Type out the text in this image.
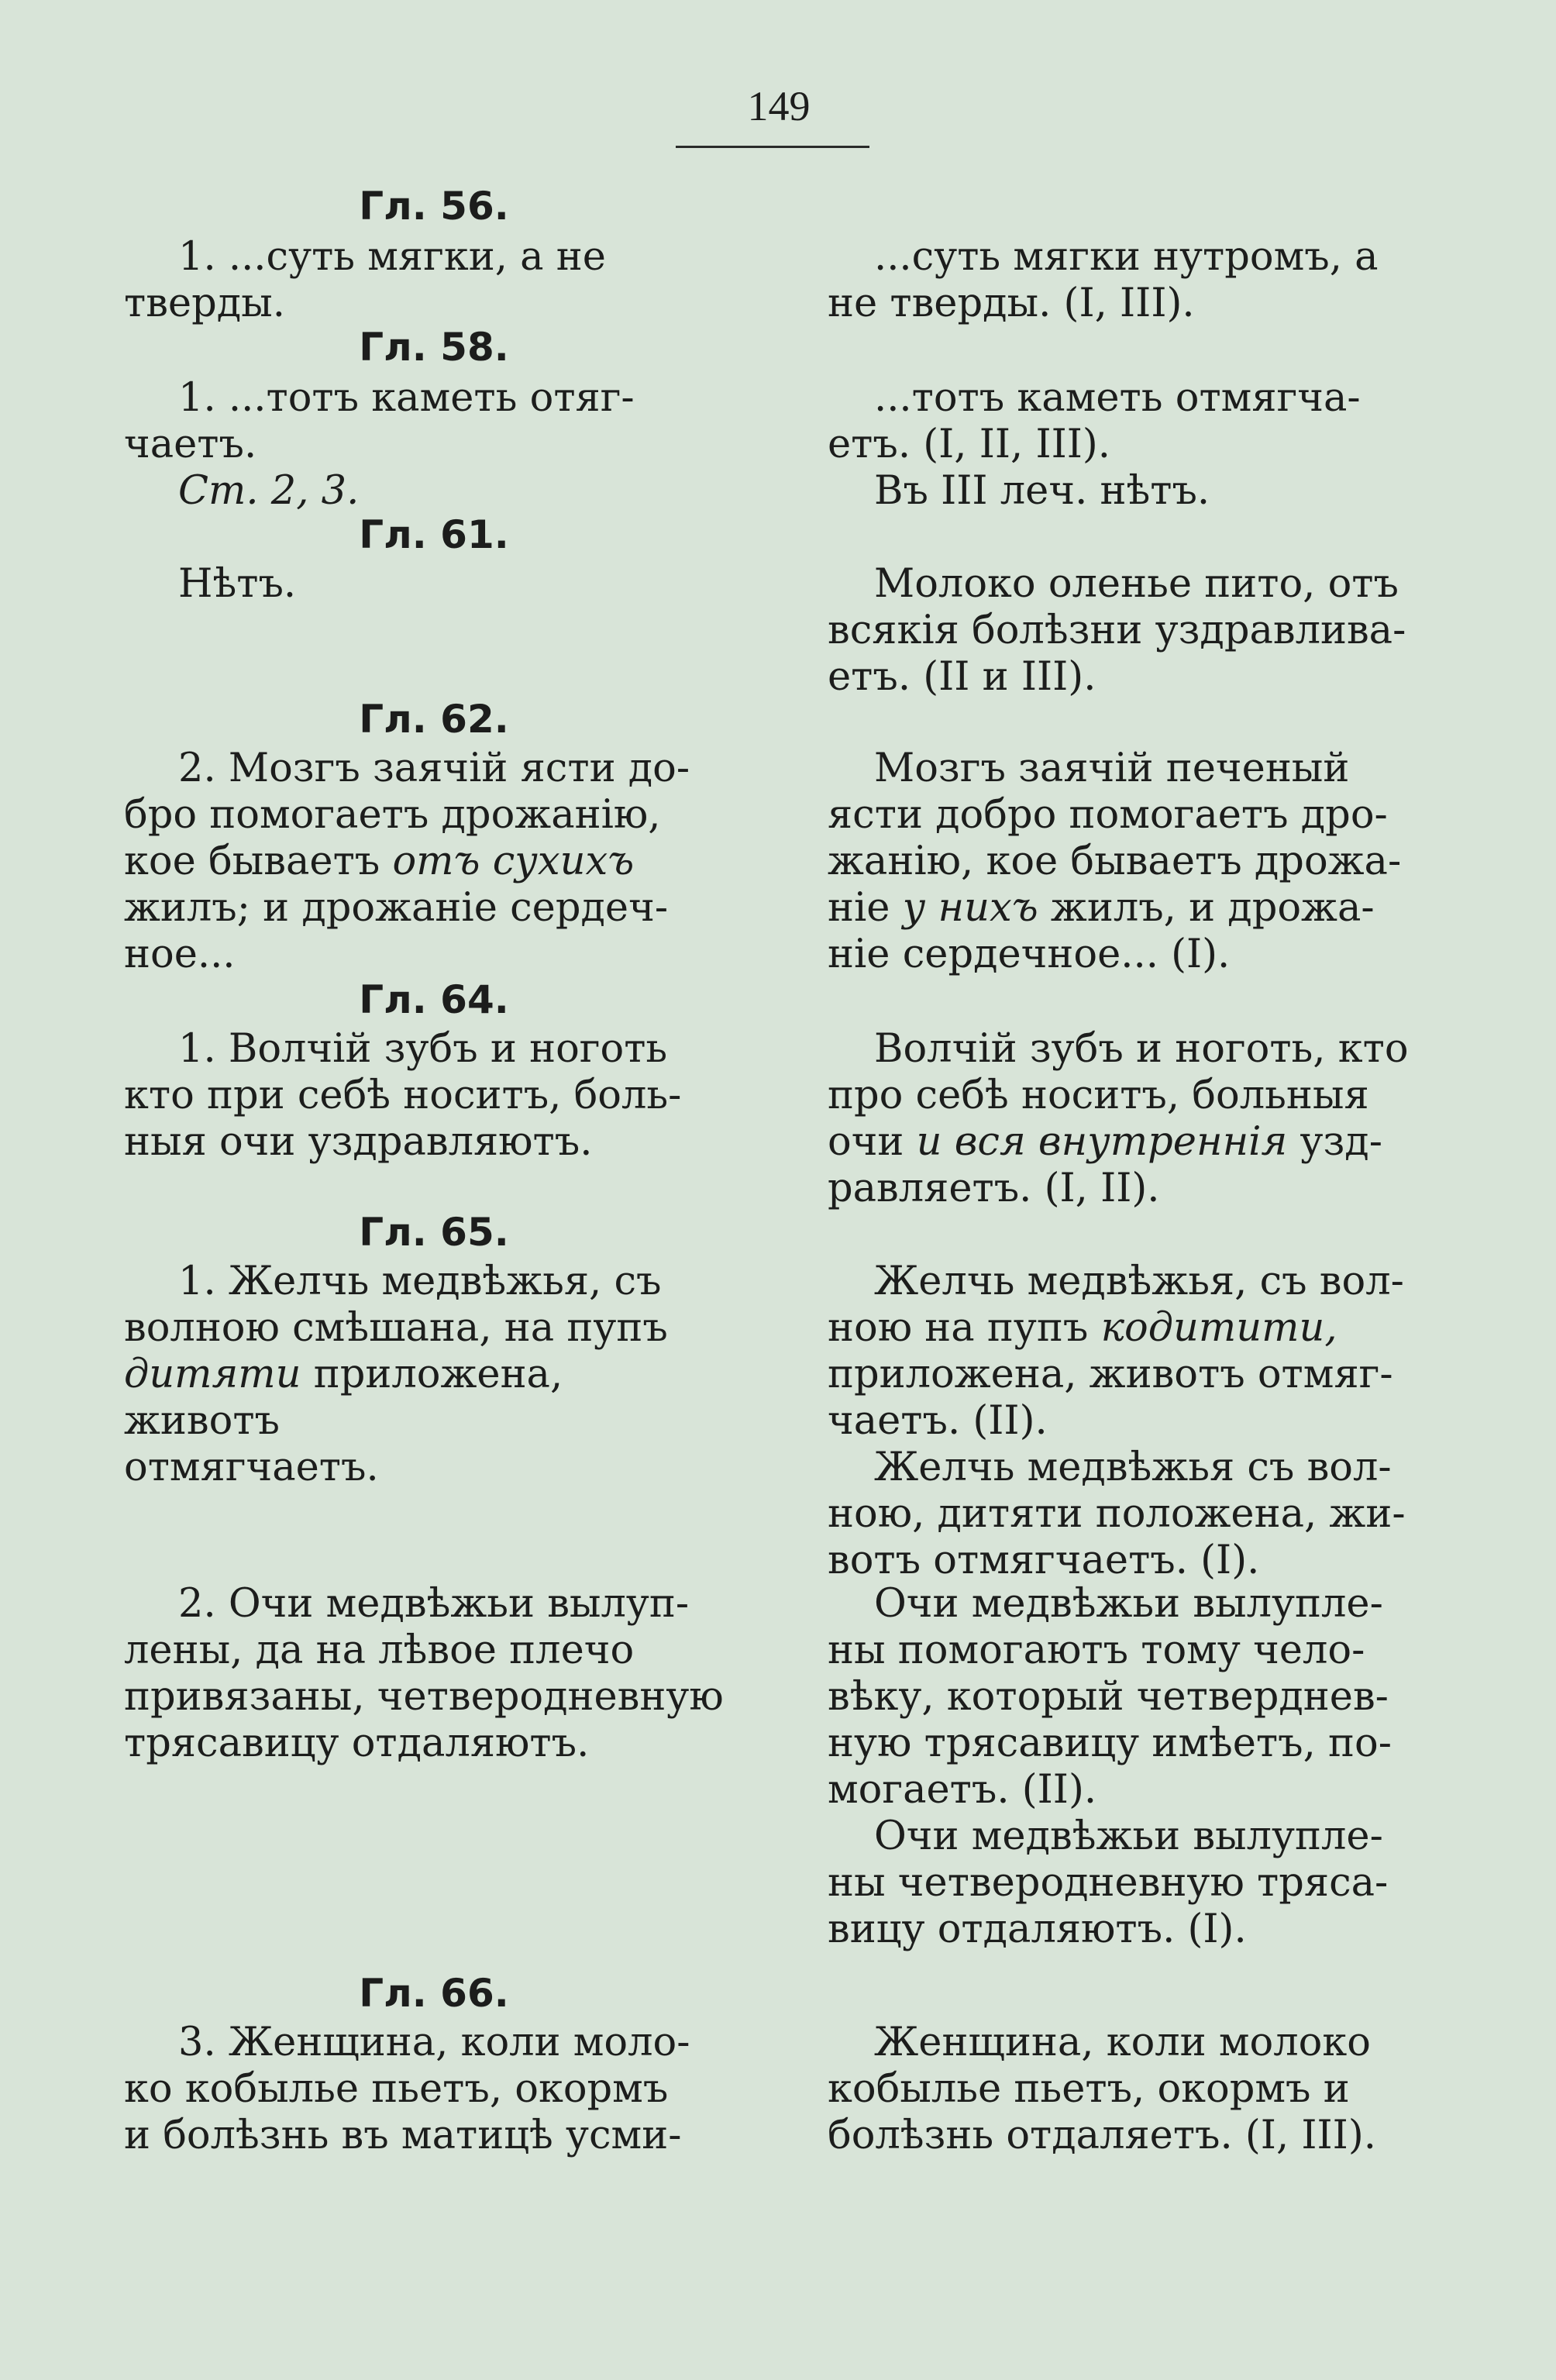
149
Гл. 56.
Гл. 58.
Гл. 61.
Гл. 62.
Гл. 64.
Гл. 65.
Гл. 66.

1. ...суть мягки, а не

тверды.

1. ...тотъ каметь отяг-

чаетъ.

Ст. 2, 3.

Нѣтъ.

2. Мозгъ заячій ясти до-

бро помогаетъ дрожанію,

кое бываетъ отъ сухихъ

жилъ; и дрожаніе сердеч-

ное...

1. Волчій зубъ и ноготь

кто при себѣ носитъ, боль-

ныя очи уздравляютъ.

1. Желчь медвѣжья, съ

волною смѣшана, на пупъ

дитяти приложена, животъ

отмягчаетъ.

2. Очи медвѣжьи вылуп-

лены, да на лѣвое плечо

привязаны, четверодневную

трясавицу отдаляютъ.

3. Женщина, коли моло-

ко кобылье пьетъ, окормъ

и болѣзнь въ матицѣ усми-

...суть мягки нутромъ, а

не тверды. (I, III).

...тотъ каметь отмягча-

етъ. (I, II, III).

Въ III леч. нѣтъ.

Молоко оленье пито, отъ

всякія болѣзни уздравлива-

етъ. (II и III).

Мозгъ заячій печеный

ясти добро помогаетъ дро-

жанію, кое бываетъ дрожа-

ніе у нихъ жилъ, и дрожа-

ніе сердечное... (I).

Волчій зубъ и ноготь, кто

про себѣ носитъ, больныя

очи и вся внутреннія узд-

равляетъ. (I, II).

Желчь медвѣжья, съ вол-

ною на пупъ кодитити,

приложена, животъ отмяг-

чаетъ. (II).

Желчь медвѣжья съ вол-

ною, дитяти положена, жи-

вотъ отмягчаетъ. (I).

Очи медвѣжьи вылупле-

ны помогаютъ тому чело-

вѣку, который четверднев-

ную трясавицу имѣетъ, по-

могаетъ. (II).

Очи медвѣжьи вылупле-

ны четверодневную тряса-

вицу отдаляютъ. (I).

Женщина, коли молоко

кобылье пьетъ, окормъ и

болѣзнь отдаляетъ. (I, III).
